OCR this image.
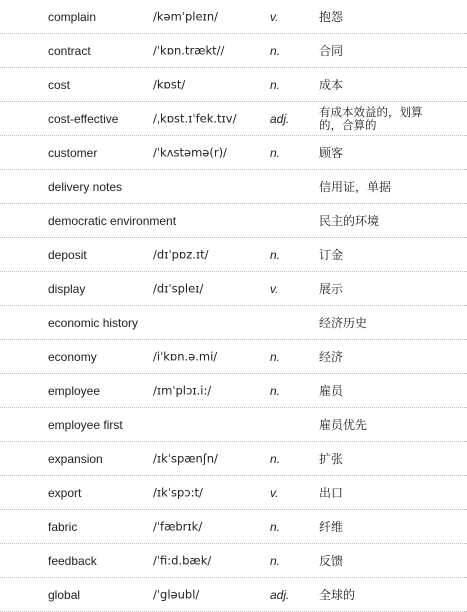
complain	/kəmˈpleɪn/	v.	抱怨
contract	/ˈkɒn.trækt//	n.	合同
cost	/kɒst/	n.	成本
cost-effective	/ˌkɒst.ɪˈfek.tɪv/	adj.	有成本效益的，划算的，合算的
customer	/ˈkʌstəmə(r)/	n.	顾客
delivery notes	信用证，单据
democratic environment	民主的环境
deposit	/dɪˈpɒz.ɪt/	n.	订金
display	/dɪˈspleɪ/	v.	展示
economic history	经济历史
economy	/iˈkɒn.ə.mi/	n.	经济
employee	/ɪmˈplɔɪ.i:/	n.	雇员
employee first	雇员优先
expansion	/ɪkˈspænʃn/	n.	扩张
export	/ɪkˈspɔ:t/	v.	出口
fabric	/ˈfæbrɪk/	n.	纤维
feedback	/ˈfi:d.bæk/	n.	反馈
global	/ˈgləubl/	adj. 全球的
